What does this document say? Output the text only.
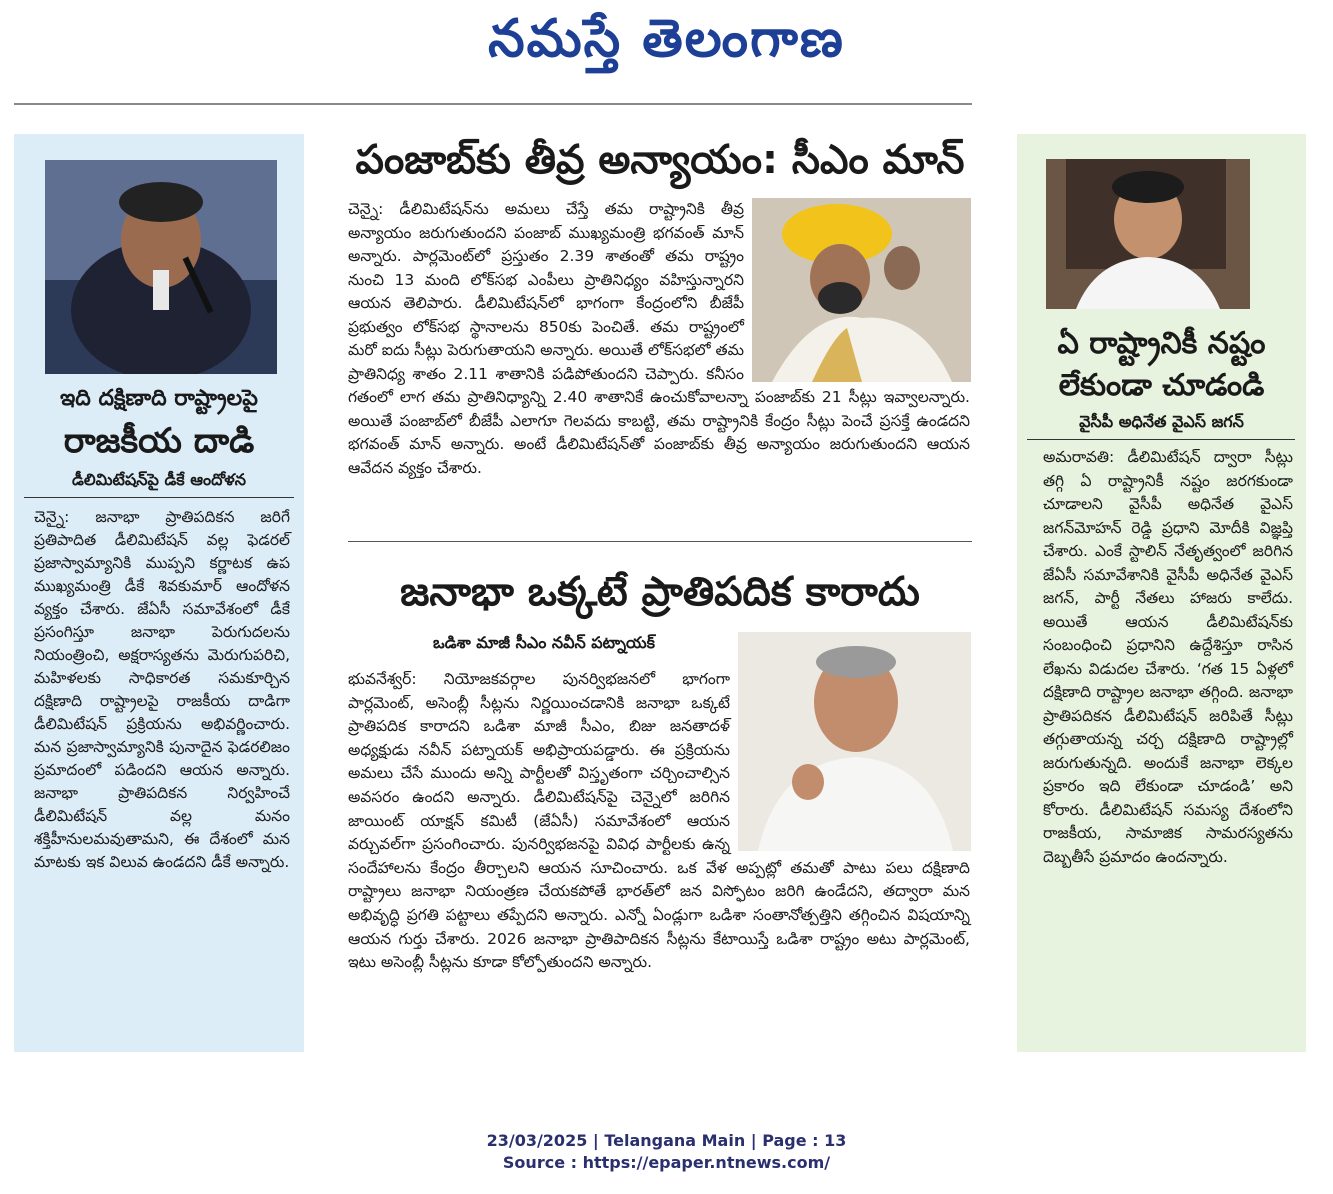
నమస్తే తెలంగాణ
ఇది దక్షిణాది రాష్ట్రాలపై
రాజకీయ దాడి
డీలిమిటేషన్‌పై డీకే ఆందోళన
చెన్నై: జనాభా ప్రాతిపదికన జరిగే ప్రతిపాదిత డీలిమిటేషన్ వల్ల ఫెడరల్ ప్రజాస్వామ్యానికి ముప్పని కర్ణాటక ఉప ముఖ్యమంత్రి డీకే శివకుమార్ ఆందోళన వ్యక్తం చేశారు. జేఏసీ సమావేశంలో డీకే ప్రసంగిస్తూ జనాభా పెరుగుదలను నియంత్రించి, అక్షరాస్యతను మెరుగుపరిచి, మహిళలకు సాధికారత సమకూర్చిన దక్షిణాది రాష్ట్రాలపై రాజకీయ దాడిగా డీలిమిటేషన్ ప్రక్రియను అభివర్ణించారు. మన ప్రజాస్వామ్యానికి పునాదైన ఫెడరలిజం ప్రమాదంలో పడిందని ఆయన అన్నారు. జనాభా ప్రాతిపదికన నిర్వహించే డీలిమిటేషన్ వల్ల మనం శక్తిహీనులమవుతామని, ఈ దేశంలో మన మాటకు ఇక విలువ ఉండదని డీకే అన్నారు.
పంజాబ్‌కు తీవ్ర అన్యాయం: సీఎం మాన్
చెన్నై: డీలిమిటేషన్‌ను అమలు చేస్తే తమ రాష్ట్రానికి తీవ్ర అన్యాయం జరుగుతుందని పంజాబ్ ముఖ్యమంత్రి భగవంత్ మాన్ అన్నారు. పార్లమెంట్‌లో ప్రస్తుతం 2.39 శాతంతో తమ రాష్ట్రం నుంచి 13 మంది లోక్‌సభ ఎంపీలు ప్రాతినిధ్యం వహిస్తున్నారని ఆయన తెలిపారు. డీలిమిటేషన్‌లో భాగంగా కేంద్రంలోని బీజేపీ ప్రభుత్వం లోక్‌సభ స్థానాలను 850కు పెంచితే. తమ రాష్ట్రంలో మరో ఐదు సీట్లు పెరుగుతాయని అన్నారు. అయితే లోక్‌సభలో తమ ప్రాతినిధ్య శాతం 2.11 శాతానికి పడిపోతుందని చెప్పారు. కనీసం గతంలో లాగ తమ ప్రాతినిధ్యాన్ని 2.40 శాతానికే ఉంచుకోవాలన్నా పంజాబ్‌కు 21 సీట్లు ఇవ్వాలన్నారు. అయితే పంజాబ్‌లో బీజేపీ ఎలాగూ గెలవదు కాబట్టి, తమ రాష్ట్రానికి కేంద్రం సీట్లు పెంచే ప్రసక్తే ఉండదని భగవంత్ మాన్ అన్నారు. అంటే డీలిమిటేషన్‌తో పంజాబ్‌కు తీవ్ర అన్యాయం జరుగుతుందని ఆయన ఆవేదన వ్యక్తం చేశారు.
జనాభా ఒక్కటే ప్రాతిపదిక కారాదు
ఒడిశా మాజీ సీఎం నవీన్ పట్నాయక్
భువనేశ్వర్: నియోజకవర్గాల పునర్విభజనలో భాగంగా పార్లమెంట్, అసెంబ్లీ సీట్లను నిర్ణయించడానికి జనాభా ఒక్కటే ప్రాతిపదిక కారాదని ఒడిశా మాజీ సీఎం, బిజు జనతాదళ్ అధ్యక్షుడు నవీన్ పట్నాయక్ అభిప్రాయపడ్డారు. ఈ ప్రక్రియను అమలు చేసే ముందు అన్ని పార్టీలతో విస్తృతంగా చర్చించాల్సిన అవసరం ఉందని అన్నారు. డీలిమిటేషన్‌పై చెన్నైలో జరిగిన జాయింట్ యాక్షన్ కమిటీ (జేఏసీ) సమావేశంలో ఆయన వర్చువల్‌గా ప్రసంగించారు. పునర్విభజనపై వివిధ పార్టీలకు ఉన్న సందేహాలను కేంద్రం తీర్చాలని ఆయన సూచించారు. ఒక వేళ అప్పట్లో తమతో పాటు పలు దక్షిణాది రాష్ట్రాలు జనాభా నియంత్రణ చేయకపోతే భారత్‌లో జన విస్ఫోటం జరిగి ఉండేదని, తద్వారా మన అభివృద్ధి ప్రగతి పట్టాలు తప్పేదని అన్నారు. ఎన్నో ఏండ్లుగా ఒడిశా సంతానోత్పత్తిని తగ్గించిన విషయాన్ని ఆయన గుర్తు చేశారు. 2026 జనాభా ప్రాతిపాదికన సీట్లను కేటాయిస్తే ఒడిశా రాష్ట్రం అటు పార్లమెంట్, ఇటు అసెంబ్లీ సీట్లను కూడా కోల్పోతుందని అన్నారు.
ఏ రాష్ట్రానికీ నష్టం
లేకుండా చూడండి
వైసీపీ అధినేత వైఎస్ జగన్
అమరావతి: డీలిమిటేషన్ ద్వారా సీట్లు తగ్గి ఏ రాష్ట్రానికీ నష్టం జరగకుండా చూడాలని వైసీపీ అధినేత వైఎస్ జగన్‌మోహన్ రెడ్డి ప్రధాని మోదీకి విజ్ఞప్తి చేశారు. ఎంకే స్టాలిన్ నేతృత్వంలో జరిగిన జేఏసీ సమావేశానికి వైసీపీ అధినేత వైఎస్ జగన్, పార్టీ నేతలు హాజరు కాలేదు. అయితే ఆయన డీలిమిటేషన్‌కు సంబంధించి ప్రధానిని ఉద్దేశిస్తూ రాసిన లేఖను విడుదల చేశారు. ‘గత 15 ఏళ్లలో దక్షిణాది రాష్ట్రాల జనాభా తగ్గింది. జనాభా ప్రాతిపదికన డీలిమిటేషన్ జరిపితే సీట్లు తగ్గుతాయన్న చర్చ దక్షిణాది రాష్ట్రాల్లో జరుగుతున్నది. అందుకే జనాభా లెక్కల ప్రకారం ఇది లేకుండా చూడండి’ అని కోరారు. డీలిమిటేషన్ సమస్య దేశంలోని రాజకీయ, సామాజిక సామరస్యతను దెబ్బతీసే ప్రమాదం ఉందన్నారు.
23/03/2025 | Telangana Main | Page : 13
Source : https://epaper.ntnews.com/
